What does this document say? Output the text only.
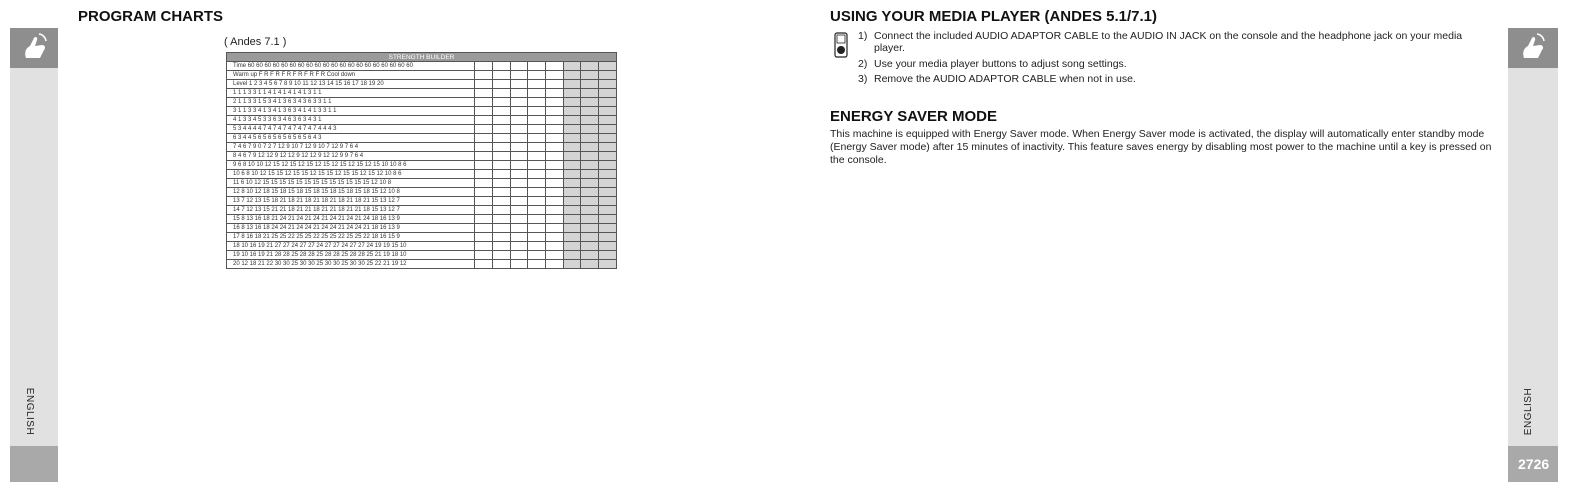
ENGLISH
PROGRAM CHARTS
( Andes 7.1 )
STRENGTH BUILDER								
Time 60 60 60 60 60 60 60 60 60 60 60 60 60 60 60 60 60 60 60 60								
Warm up F R F R F R F R F R F R Cool down								
Level 1 2 3 4 5 6 7 8 9 10 11 12 13 14 15 16 17 18 19 20								
1 1 1 3 3 1 1 4 1 4 1 4 1 4 1 3 1 1								
2 1 1 3 3 1 5 3 4 1 3 6 3 4 3 6 3 3 1 1								
3 1 1 3 3 4 1 3 4 1 3 6 3 4 1 4 1 3 3 1 1								
4 1 3 3 4 5 3 3 6 3 4 6 3 6 3 4 3 1								
5 3 4 4 4 4 7 4 7 4 7 4 7 4 7 4 7 4 4 4 3								
6 3 4 4 5 6 5 6 5 6 5 6 5 6 5 6 4 3								
7 4 6 7 9 0 7 2 7 12 9 10 7 12 9 10 7 12 9 7 6 4								
8 4 6 7 9 12 12 9 12 12 9 12 12 9 12 12 9 9 7 6 4								
9 6 8 10 10 12 15 12 15 12 15 12 15 12 15 12 15 12 15 10 10 8 6								
10 6 8 10 12 15 15 12 15 15 12 15 15 12 15 15 12 15 12 10 8 6								
11 6 10 12 15 15 15 15 15 15 15 15 15 15 15 15 15 12 10 8								
12 8 10 12 18 15 18 15 18 15 18 15 18 15 18 15 18 15 12 10 8								
13 7 12 13 15 18 21 18 21 18 21 18 21 18 21 18 21 15 13 12 7								
14 7 12 13 15 21 21 18 21 21 18 21 21 18 21 21 18 15 13 12 7								
15 8 13 16 18 21 24 21 24 21 24 21 24 21 24 21 24 18 16 13 9								
16 8 13 16 18 24 24 21 24 24 21 24 24 21 24 24 21 18 16 13 9								
17 8 16 18 21 25 25 22 25 25 22 25 25 22 25 25 22 18 16 15 9								
18 10 16 19 21 27 27 24 27 27 24 27 27 24 27 27 24 19 19 15 10								
19 10 16 19 21 28 28 25 28 28 25 28 28 25 28 28 25 21 19 18 10								
20 12 18 21 22 30 30 25 30 30 25 30 30 25 30 30 25 22 21 19 12								
USING YOUR MEDIA PLAYER (ANDES 5.1/7.1)
1) Connect the included AUDIO ADAPTOR CABLE to the AUDIO IN JACK on the console and the headphone jack on your media player.
2) Use your media player buttons to adjust song settings.
3) Remove the AUDIO ADAPTOR CABLE when not in use.
ENERGY SAVER MODE
This machine is equipped with Energy Saver mode. When Energy Saver mode is activated, the display will automatically enter standby mode (Energy Saver mode) after 15 minutes of inactivity. This feature saves energy by disabling most power to the machine until a key is pressed on the console.
2726
ENGLISH
